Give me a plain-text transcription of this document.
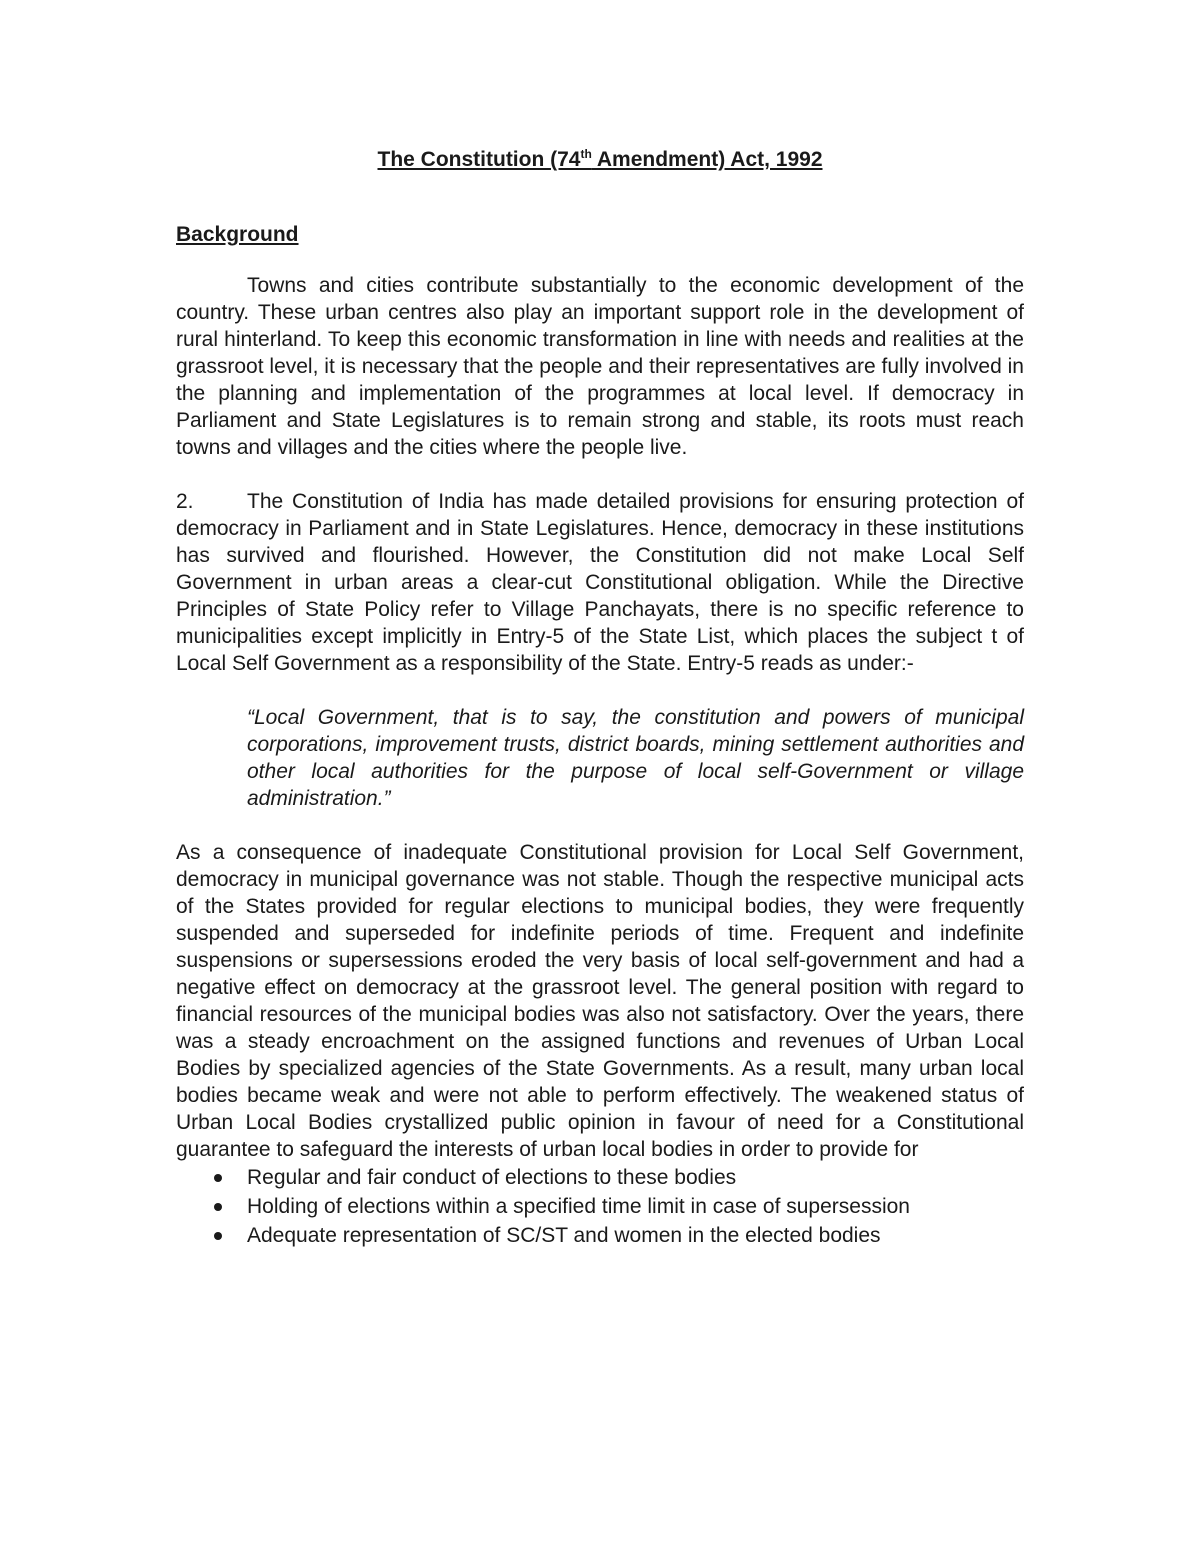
The Constitution (74th Amendment) Act, 1992
Background

Towns and cities contribute substantially to the economic development of the country. These urban centres also play an important support role in the development of rural hinterland. To keep this economic transformation in line with needs and realities at the grassroot level, it is necessary that the people and their representatives are fully involved in the planning and implementation of the programmes at local level. If democracy in Parliament and State Legislatures is to remain strong and stable, its roots must reach towns and villages and the cities where the people live.

2.	The Constitution of India has made detailed provisions for ensuring protection of democracy in Parliament and in State Legislatures. Hence, democracy in these institutions has survived and flourished. However, the Constitution did not make Local Self Government in urban areas a clear-cut Constitutional obligation. While the Directive Principles of State Policy refer to Village Panchayats, there is no specific reference to municipalities except implicitly in Entry-5 of the State List, which places the subject t of Local Self Government as a responsibility of the State. Entry-5 reads as under:-

“Local Government, that is to say, the constitution and powers of municipal corporations, improvement trusts, district boards, mining settlement authorities and other local authorities for the purpose of local self-Government or village administration.”

As a consequence of inadequate Constitutional provision for Local Self Government, democracy in municipal governance was not stable. Though the respective municipal acts of the States provided for regular elections to municipal bodies, they were frequently suspended and superseded for indefinite periods of time. Frequent and indefinite suspensions or supersessions eroded the very basis of local self-government and had a negative effect on democracy at the grassroot level. The general position with regard to financial resources of the municipal bodies was also not satisfactory. Over the years, there was a steady encroachment on the assigned functions and revenues of Urban Local Bodies by specialized agencies of the State Governments. As a result, many urban local bodies became weak and were not able to perform effectively. The weakened status of Urban Local Bodies crystallized public opinion in favour of need for a Constitutional guarantee to safeguard the interests of urban local bodies in order to provide for

Regular and fair conduct of elections to these bodies
Holding of elections within a specified time limit in case of supersession
Adequate representation of SC/ST and women in the elected bodies
